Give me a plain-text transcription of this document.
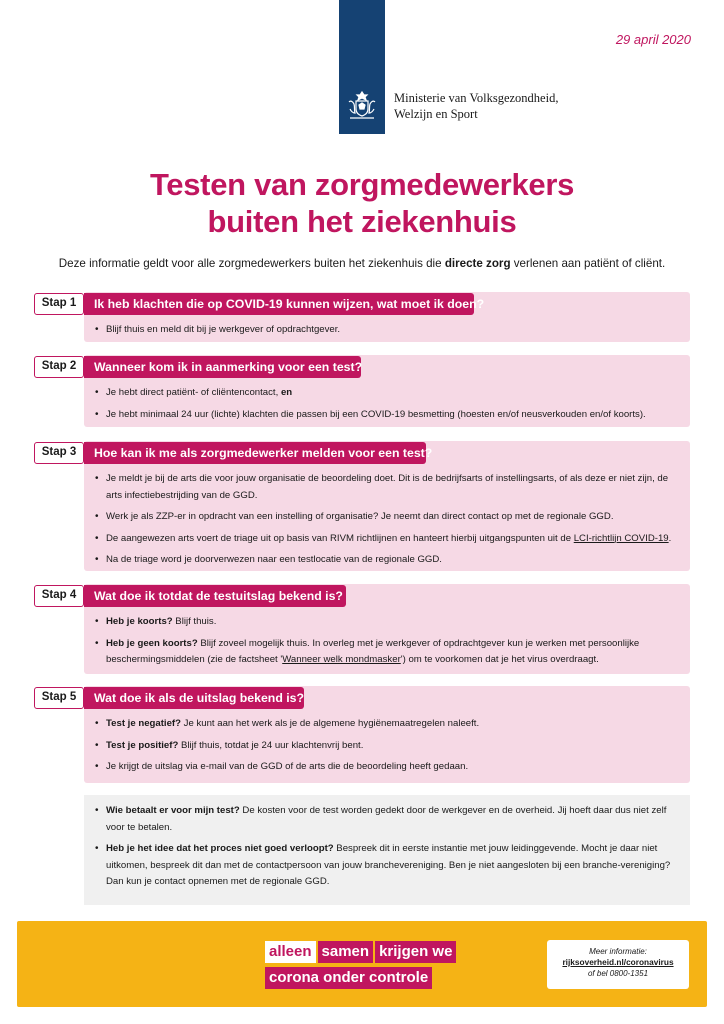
Ministerie van Volksgezondheid,
Welzijn en Sport
29 april 2020
Testen van zorgmedewerkers
buiten het ziekenhuis

Deze informatie geldt voor alle zorgmedewerkers buiten het ziekenhuis die directe zorg verlenen aan patiënt of cliënt.

• Blijf thuis en meld dit bij je werkgever of opdrachtgever.
Stap 1	Ik heb klachten die op COVID-19 kunnen wijzen, wat moet ik doen?
• Je hebt direct patiënt- of cliëntencontact, en
• Je hebt minimaal 24 uur (lichte) klachten die passen bij een COVID-19 besmetting (hoesten en/of neusverkouden en/of koorts).
Stap 2	Wanneer kom ik in aanmerking voor een test?
• Je meldt je bij de arts die voor jouw organisatie de beoordeling doet. Dit is de bedrijfsarts of instellingsarts, of als deze er niet zijn, de arts infectiebestrijding van de GGD.
• Werk je als ZZP-er in opdracht van een instelling of organisatie? Je neemt dan direct contact op met de regionale GGD.
• De aangewezen arts voert de triage uit op basis van RIVM richtlijnen en hanteert hierbij uitgangspunten uit de LCI-richtlijn COVID-19.
• Na de triage word je doorverwezen naar een testlocatie van de regionale GGD.
Stap 3	Hoe kan ik me als zorgmedewerker melden voor een test?
• Heb je koorts? Blijf thuis.
• Heb je geen koorts? Blijf zoveel mogelijk thuis. In overleg met je werkgever of opdrachtgever kun je werken met persoonlijke beschermingsmiddelen (zie de factsheet 'Wanneer welk mondmasker') om te voorkomen dat je het virus overdraagt.
Stap 4	Wat doe ik totdat de testuitslag bekend is?
• Test je negatief? Je kunt aan het werk als je de algemene hygiënemaatregelen naleeft.
• Test je positief? Blijf thuis, totdat je 24 uur klachtenvrij bent.
• Je krijgt de uitslag via e-mail van de GGD of de arts die de beoordeling heeft gedaan.
Stap 5	Wat doe ik als de uitslag bekend is?
• Wie betaalt er voor mijn test? De kosten voor de test worden gedekt door de werkgever en de overheid. Jij hoeft daar dus niet zelf voor te betalen.
• Heb je het idee dat het proces niet goed verloopt? Bespreek dit in eerste instantie met jouw leidinggevende. Mocht je daar niet uitkomen, bespreek dit dan met de contactpersoon van jouw branchevereniging. Ben je niet aangesloten bij een branche-vereniging? Dan kun je contact opnemen met de regionale GGD.
alleen samen krijgen we
corona onder controle
Meer informatie:
rijksoverheid.nl/coronavirus
of bel 0800-1351
